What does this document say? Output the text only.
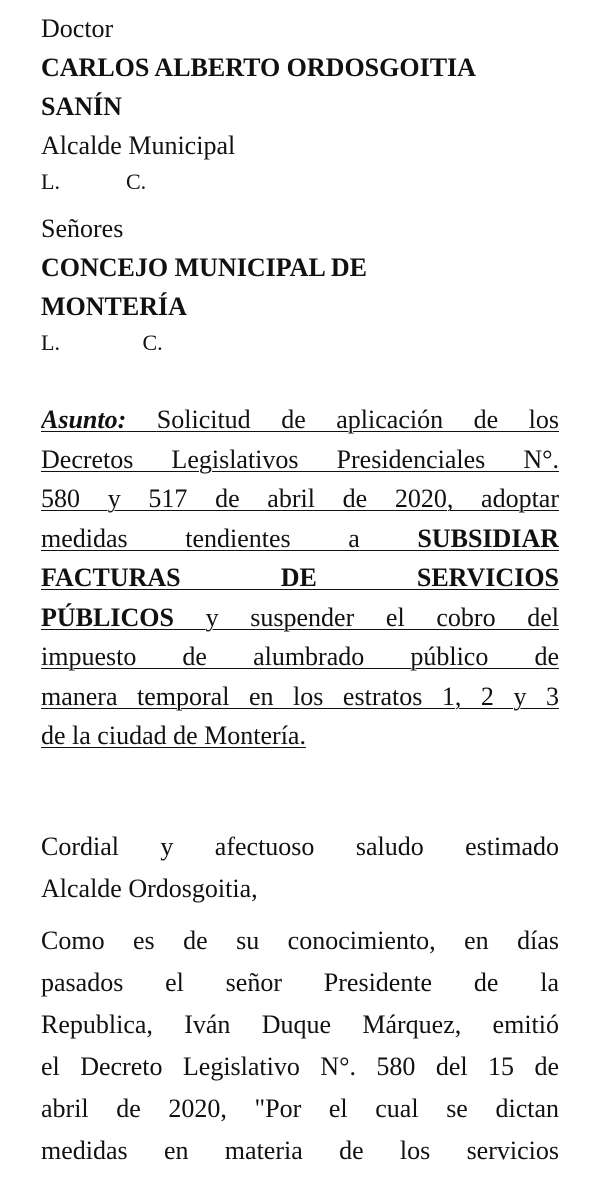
Doctor
CARLOS ALBERTO ORDOSGOITIA
SANÍN
Alcalde Municipal
L.            C.
Señores
CONCEJO MUNICIPAL DE
MONTERÍA
L.               C.
Asunto: Solicitud de aplicación de los
Decretos Legislativos Presidenciales N°.
580 y 517 de abril de 2020, adoptar
medidas tendientes a SUBSIDIAR
FACTURAS DE SERVICIOS
PÚBLICOS y suspender el cobro del
impuesto de alumbrado público de
manera temporal en los estratos 1, 2 y 3
de la ciudad de Montería.
Cordial y afectuoso saludo estimado
Alcalde Ordosgoitia,
Como es de su conocimiento, en días
pasados el señor Presidente de la
Republica, Iván Duque Márquez, emitió
el Decreto Legislativo N°. 580 del 15 de
abril de 2020, "Por el cual se dictan
medidas en materia de los servicios
